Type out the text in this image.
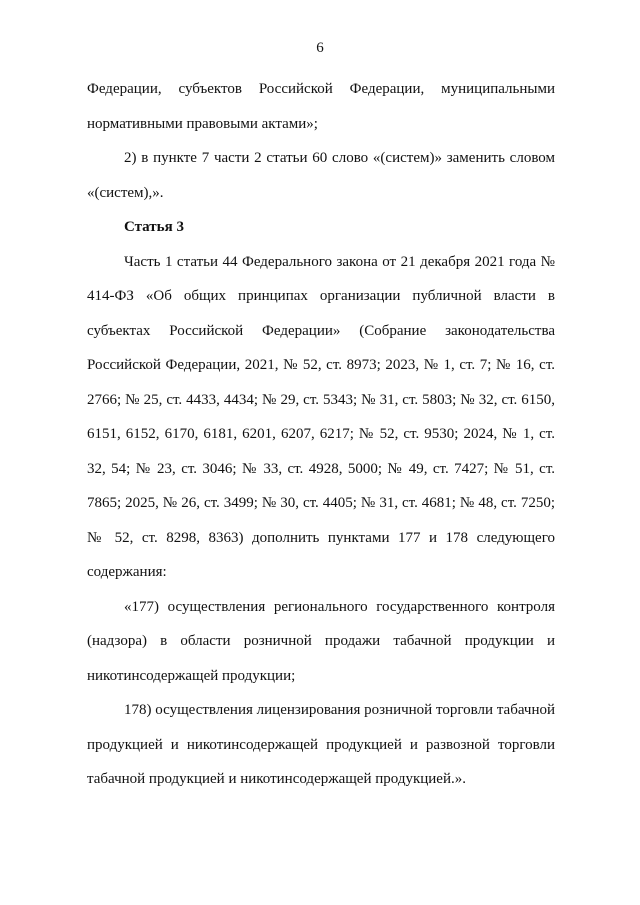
6

Федерации, субъектов Российской Федерации, муниципальными нормативными правовыми актами»;

2) в пункте 7 части 2 статьи 60 слово «(систем)» заменить словом «(систем),».

Статья 3

Часть 1 статьи 44 Федерального закона от 21 декабря 2021 года № 414-ФЗ «Об общих принципах организации публичной власти в субъектах Российской Федерации» (Собрание законодательства Российской Федерации, 2021, № 52, ст. 8973; 2023, № 1, ст. 7; № 16, ст. 2766; № 25, ст. 4433, 4434; № 29, ст. 5343; № 31, ст. 5803; № 32, ст. 6150, 6151, 6152, 6170, 6181, 6201, 6207, 6217; № 52, ст. 9530; 2024, № 1, ст. 32, 54; № 23, ст. 3046; № 33, ст. 4928, 5000; № 49, ст. 7427; № 51, ст. 7865; 2025, № 26, ст. 3499; № 30, ст. 4405; № 31, ст. 4681; № 48, ст. 7250; № 52, ст. 8298, 8363) дополнить пунктами 177 и 178 следующего содержания:

«177) осуществления регионального государственного контроля (надзора) в области розничной продажи табачной продукции и никотинсодержащей продукции;

178) осуществления лицензирования розничной торговли табачной продукцией и никотинсодержащей продукцией и развозной торговли табачной продукцией и никотинсодержащей продукцией.».
